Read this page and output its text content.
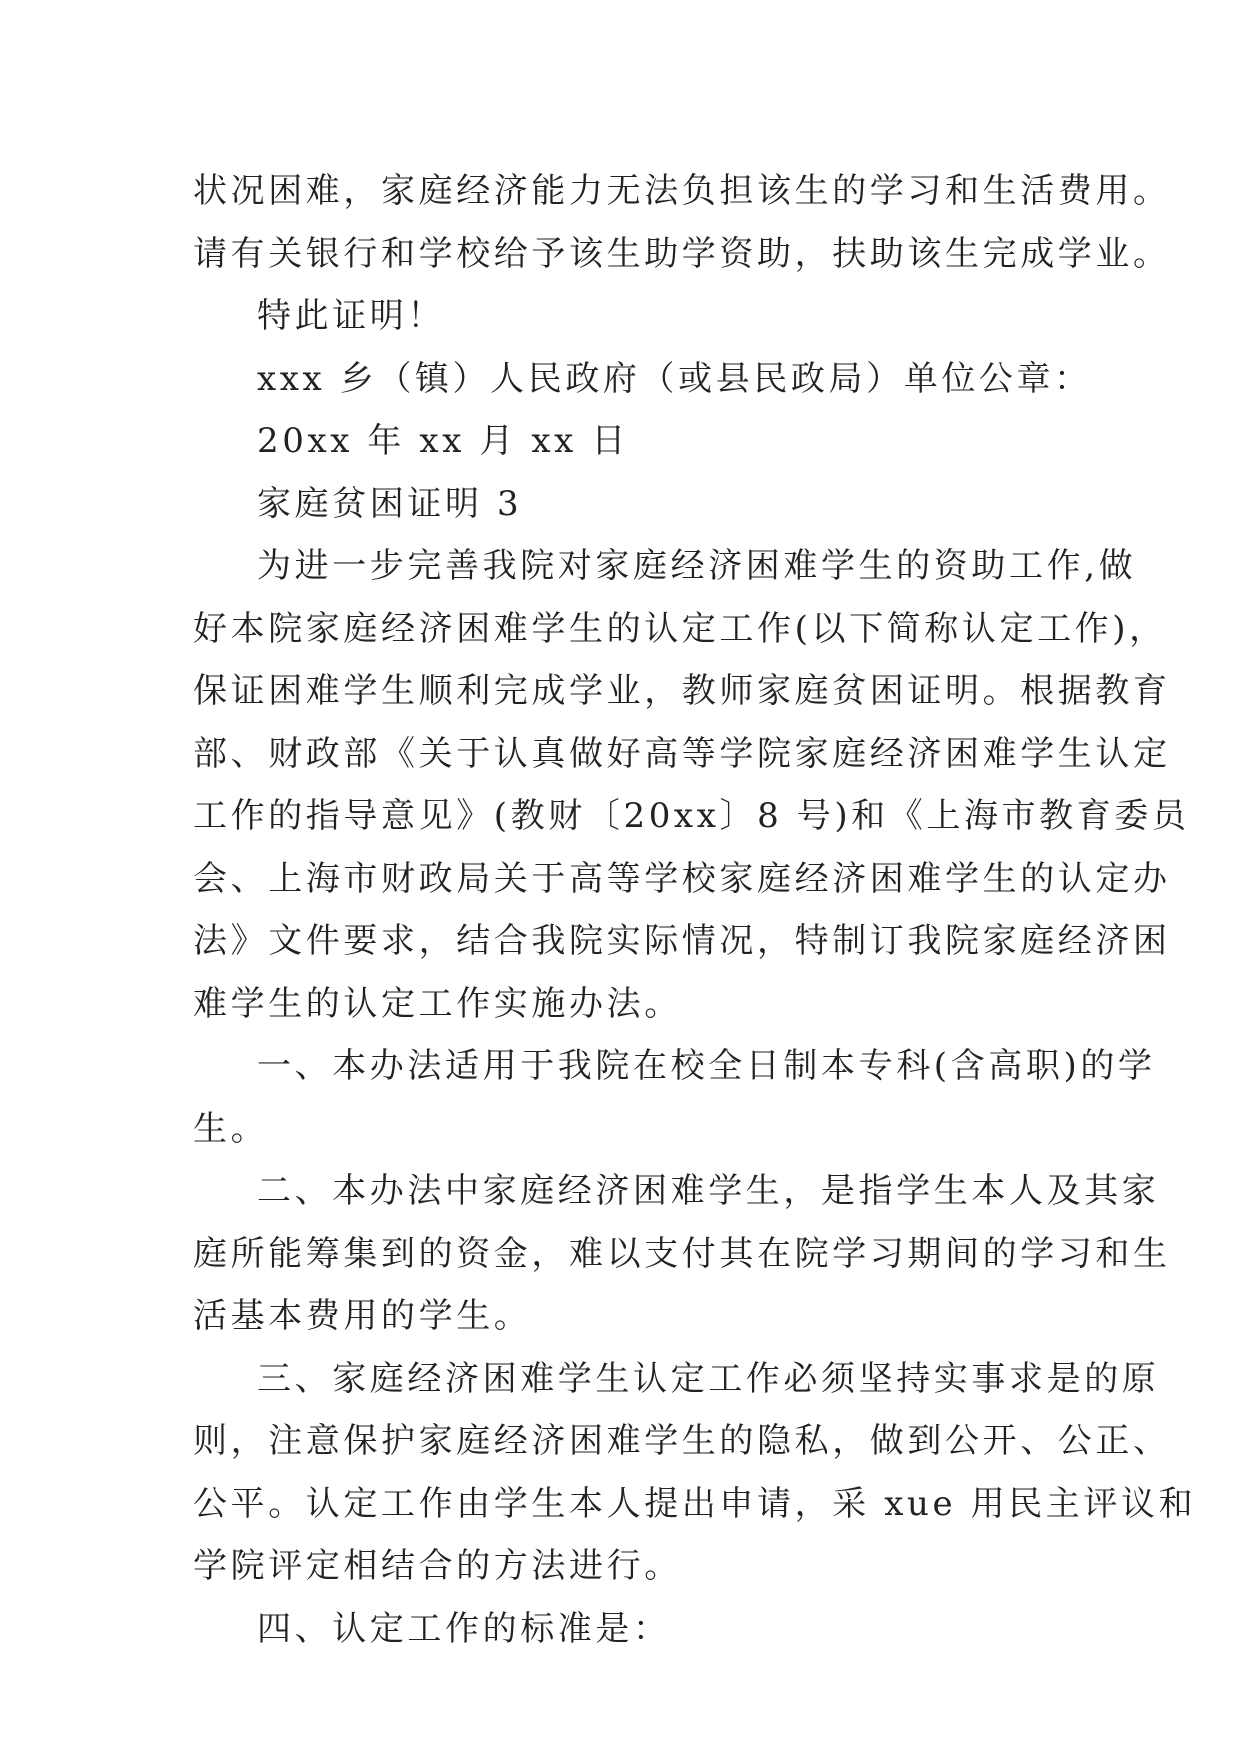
状况困难，家庭经济能力无法负担该生的学习和生活费用。
请有关银行和学校给予该生助学资助，扶助该生完成学业。
特此证明！
xxx 乡（镇）人民政府（或县民政局）单位公章：
20xx 年 xx 月 xx 日
家庭贫困证明 3
为进一步完善我院对家庭经济困难学生的资助工作,做
好本院家庭经济困难学生的认定工作(以下简称认定工作)，
保证困难学生顺利完成学业，教师家庭贫困证明。根据教育
部、财政部《关于认真做好高等学院家庭经济困难学生认定
工作的指导意见》(教财〔20xx〕8 号)和《上海市教育委员
会、上海市财政局关于高等学校家庭经济困难学生的认定办
法》文件要求，结合我院实际情况，特制订我院家庭经济困
难学生的认定工作实施办法。
一、本办法适用于我院在校全日制本专科(含高职)的学
生。
二、本办法中家庭经济困难学生，是指学生本人及其家
庭所能筹集到的资金，难以支付其在院学习期间的学习和生
活基本费用的学生。
三、家庭经济困难学生认定工作必须坚持实事求是的原
则，注意保护家庭经济困难学生的隐私，做到公开、公正、
公平。认定工作由学生本人提出申请，采 xue 用民主评议和
学院评定相结合的方法进行。
四、认定工作的标准是：
